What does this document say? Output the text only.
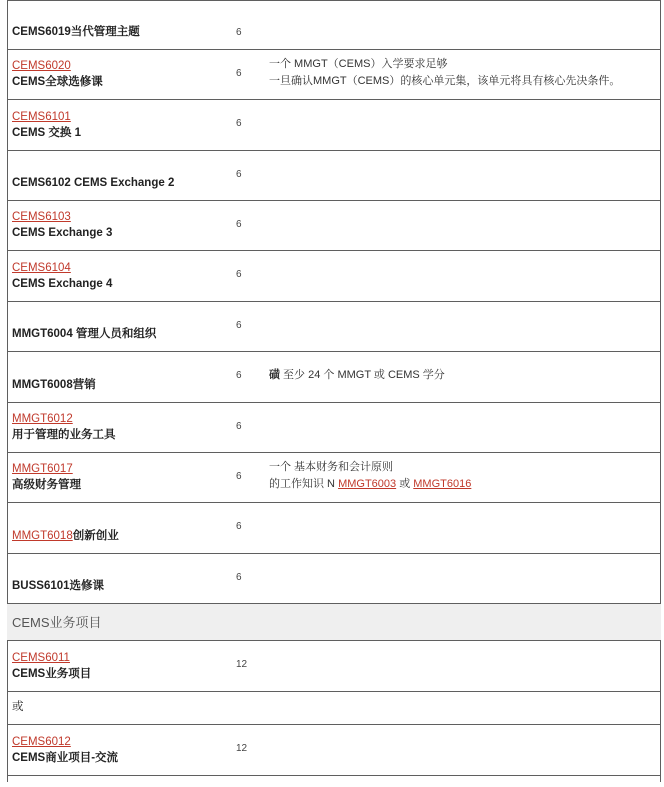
CEMS6019当代管理主题	6
CEMS6020
CEMS全球选修课
6
一个 MMGT（CEMS）入学要求足够
一旦确认MMGT（CEMS）的核心单元集，该单元将具有核心先决条件。
CEMS6101
CEMS 交换 1
6
CEMS6102 CEMS Exchange 2
6
CEMS6103
CEMS Exchange 3
6
CEMS6104
CEMS Exchange 4
6
MMGT6004 管理人员和组织
6
MMGT6008营销
6 磺 至少 24 个 MMGT 或 CEMS 学分
MMGT6012
用于管理的业务工具
6
MMGT6017
高级财务管理
6
一个 基本财务和会计原则
的工作知识 N MMGT6003 或 MMGT6016
MMGT6018创新创业
6
BUSS6101选修课
6
CEMS业务项目
CEMS6011
CEMS业务项目
12
或
CEMS6012
CEMS商业项目-交流
12
